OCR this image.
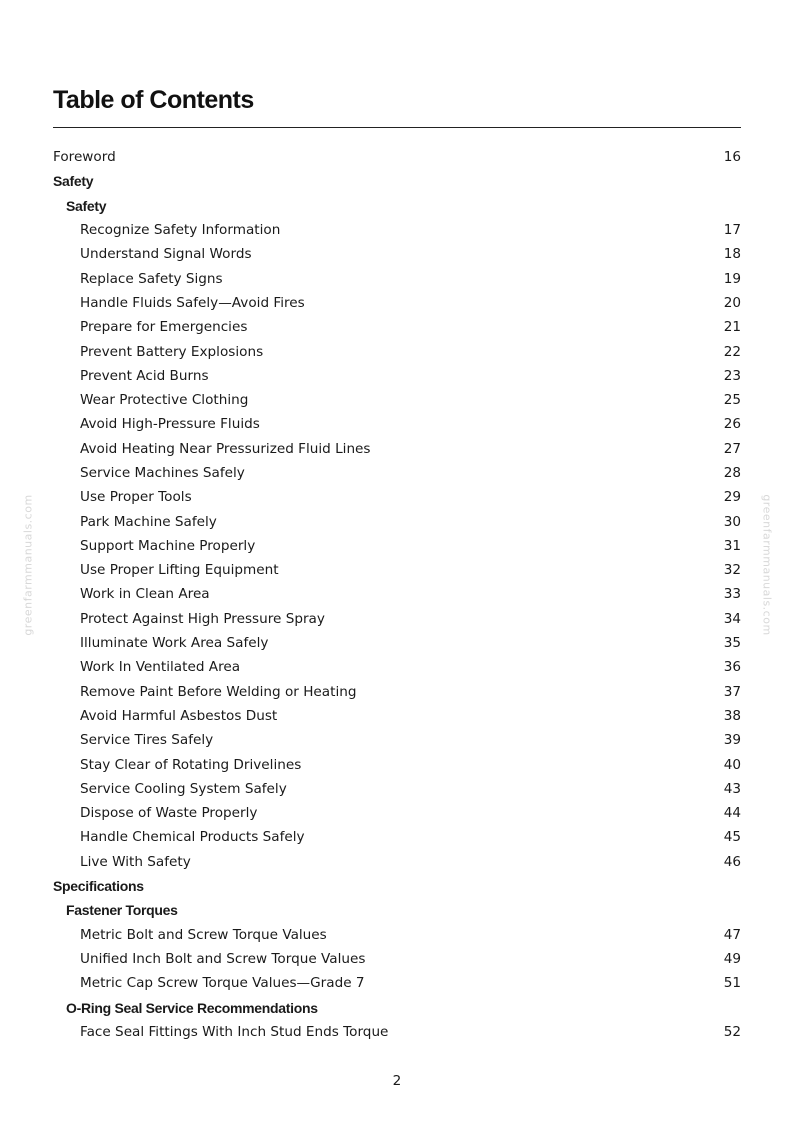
Table of Contents
Foreword	16
Safety
Safety
Recognize Safety Information	17
Understand Signal Words	18
Replace Safety Signs	19
Handle Fluids Safely—Avoid Fires	20
Prepare for Emergencies	21
Prevent Battery Explosions	22
Prevent Acid Burns	23
Wear Protective Clothing	25
Avoid High-Pressure Fluids	26
Avoid Heating Near Pressurized Fluid Lines	27
Service Machines Safely	28
Use Proper Tools	29
Park Machine Safely	30
Support Machine Properly	31
Use Proper Lifting Equipment	32
Work in Clean Area	33
Protect Against High Pressure Spray	34
Illuminate Work Area Safely	35
Work In Ventilated Area	36
Remove Paint Before Welding or Heating	37
Avoid Harmful Asbestos Dust	38
Service Tires Safely	39
Stay Clear of Rotating Drivelines	40
Service Cooling System Safely	43
Dispose of Waste Properly	44
Handle Chemical Products Safely	45
Live With Safety	46
Specifications
Fastener Torques
Metric Bolt and Screw Torque Values	47
Unified Inch Bolt and Screw Torque Values	49
Metric Cap Screw Torque Values—Grade 7	51
O-Ring Seal Service Recommendations
Face Seal Fittings With Inch Stud Ends Torque	52
greenfarmmanuals.com	greenfarmmanuals.com
2
